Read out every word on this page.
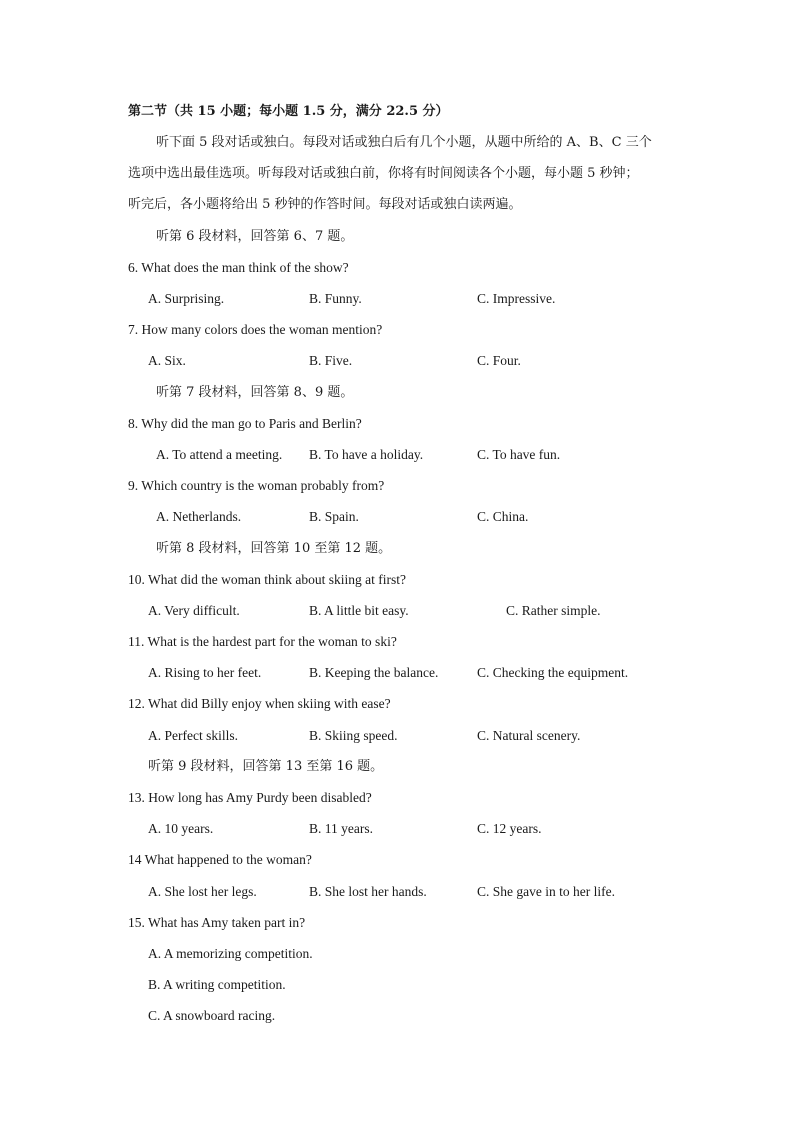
第二节（共 15 小题；每小题 1.5 分，满分 22.5 分）
听下面 5 段对话或独白。每段对话或独白后有几个小题，从题中所给的 A、B、C 三个
选项中选出最佳选项。听每段对话或独白前，你将有时间阅读各个小题，每小题 5 秒钟；
听完后，各小题将给出 5 秒钟的作答时间。每段对话或独白读两遍。
听第 6 段材料，回答第 6、7 题。
6. What does the man think of the show?
A. Surprising.	B. Funny.	C. Impressive.
7. How many colors does the woman mention?
A. Six.	B. Five.	C. Four.
听第 7 段材料，回答第 8、9 题。
8. Why did the man go to Paris and Berlin?
A. To attend a meeting. B. To have a holiday.	C. To have fun.
9. Which country is the woman probably from?
A. Netherlands.	B. Spain.	C. China.
听第 8 段材料，回答第 10 至第 12 题。
10. What did the woman think about skiing at first?
A. Very difficult.	B. A little bit easy.	C. Rather simple.
11. What is the hardest part for the woman to ski?
A. Rising to her feet.	B. Keeping the balance.	C. Checking the equipment.
12. What did Billy enjoy when skiing with ease?
A. Perfect skills.	B. Skiing speed.	C. Natural scenery.
听第 9 段材料，回答第 13 至第 16 题。
13. How long has Amy Purdy been disabled?
A. 10 years.	B. 11 years.	C. 12 years.
14 What happened to the woman?
A. She lost her legs.	B. She lost her hands.	C. She gave in to her life.
15. What has Amy taken part in?
A. A memorizing competition.
B. A writing competition.
C. A snowboard racing.
